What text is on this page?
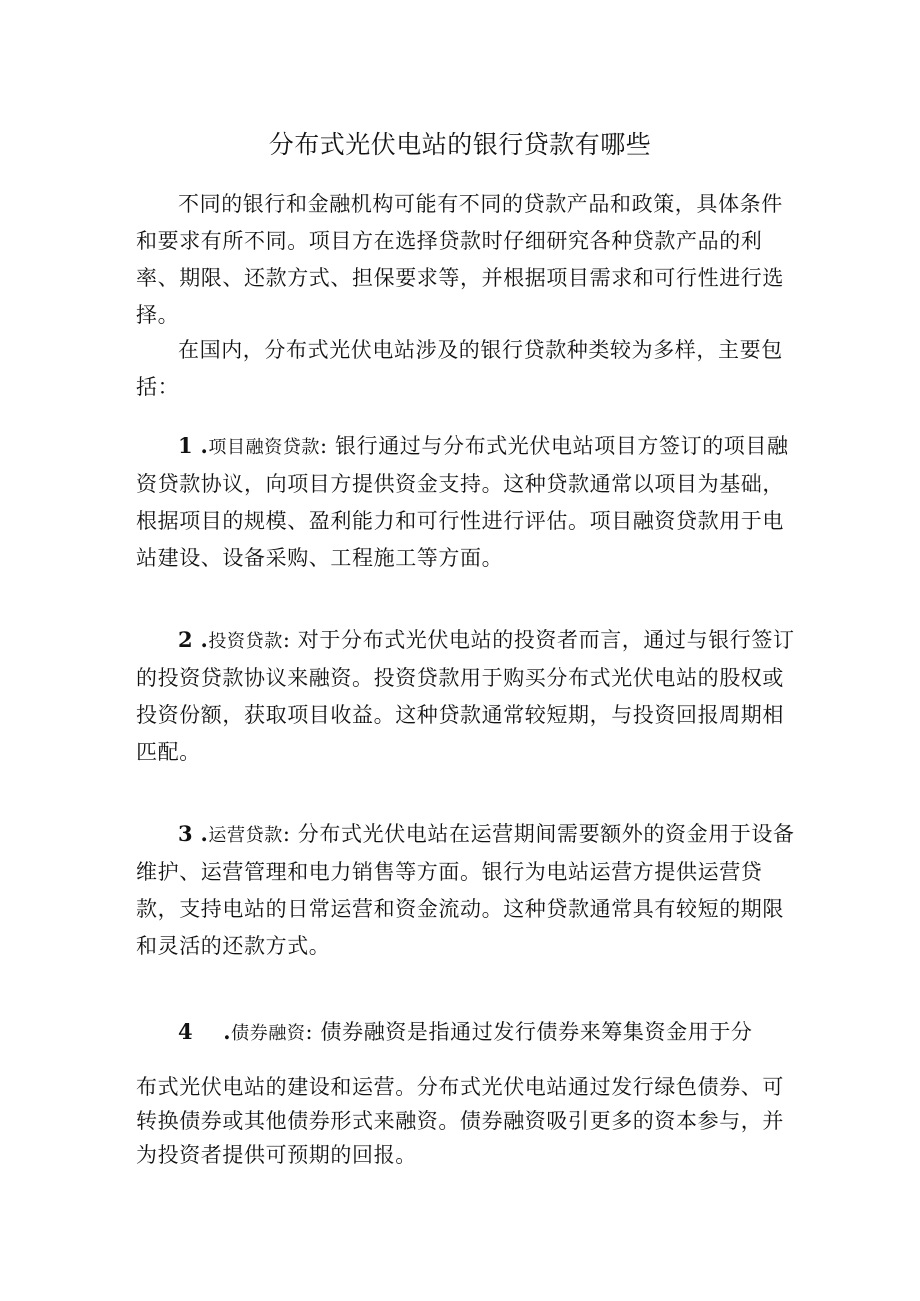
分布式光伏电站的银行贷款有哪些

不同的银行和金融机构可能有不同的贷款产品和政策，具体条件和要求有所不同。项目方在选择贷款时仔细研究各种贷款产品的利率、期限、还款方式、担保要求等，并根据项目需求和可行性进行选择。

在国内，分布式光伏电站涉及的银行贷款种类较为多样，主要包括：

1 .项目融资贷款: 银行通过与分布式光伏电站项目方签订的项目融资贷款协议，向项目方提供资金支持。这种贷款通常以项目为基础，根据项目的规模、盈利能力和可行性进行评估。项目融资贷款用于电站建设、设备采购、工程施工等方面。

2 .投资贷款: 对于分布式光伏电站的投资者而言，通过与银行签订的投资贷款协议来融资。投资贷款用于购买分布式光伏电站的股权或投资份额，获取项目收益。这种贷款通常较短期，与投资回报周期相匹配。

3 .运营贷款: 分布式光伏电站在运营期间需要额外的资金用于设备维护、运营管理和电力销售等方面。银行为电站运营方提供运营贷款，支持电站的日常运营和资金流动。这种贷款通常具有较短的期限和灵活的还款方式。

4 .债券融资: 债券融资是指通过发行债券来筹集资金用于分

布式光伏电站的建设和运营。分布式光伏电站通过发行绿色债券、可转换债券或其他债券形式来融资。债券融资吸引更多的资本参与，并为投资者提供可预期的回报。
